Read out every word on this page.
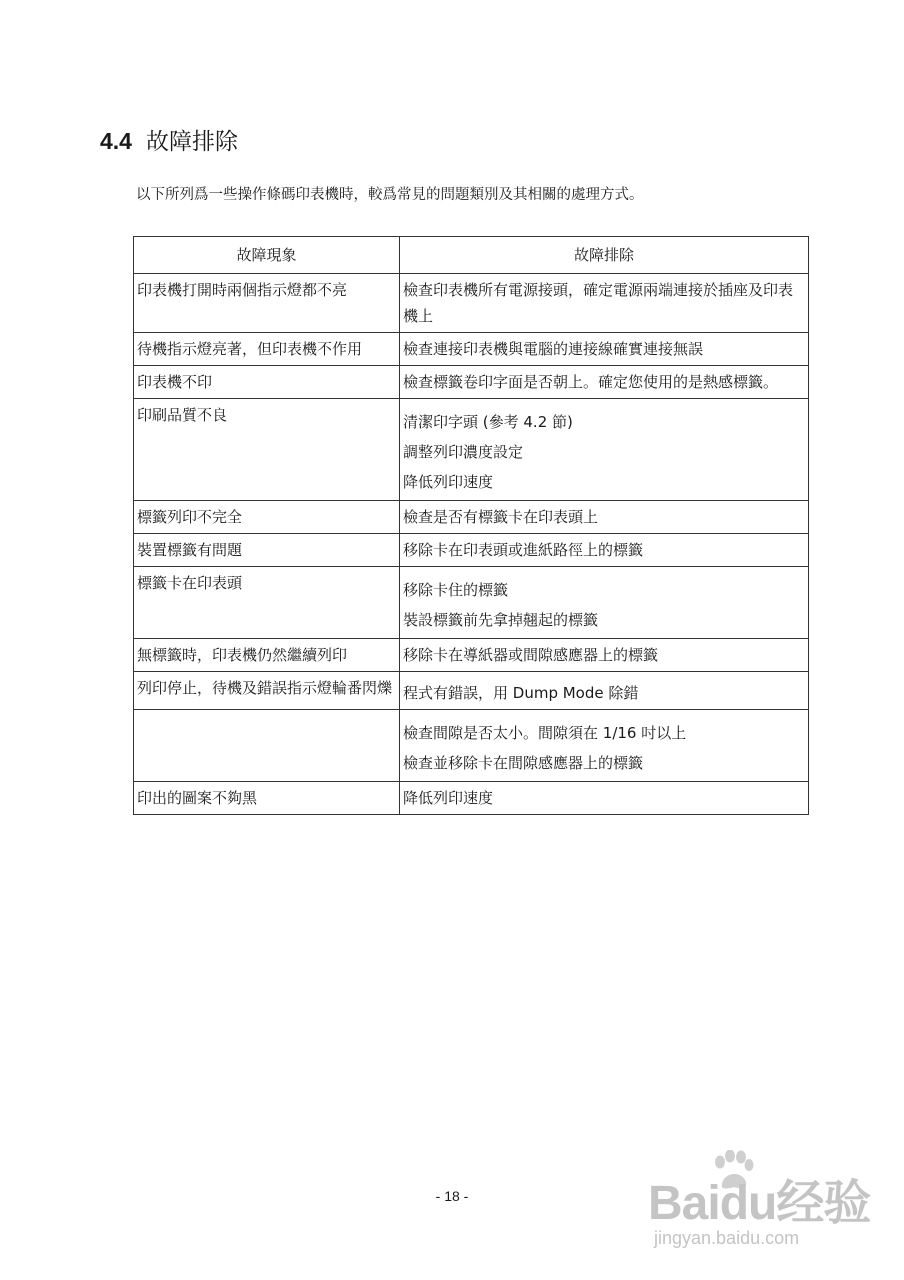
4.4 故障排除
以下所列爲一些操作條碼印表機時，較爲常見的問題類別及其相關的處理方式。
故障現象	故障排除
印表機打開時兩個指示燈都不亮	檢查印表機所有電源接頭，確定電源兩端連接於插座及印表機上
待機指示燈亮著，但印表機不作用	檢查連接印表機與電腦的連接線確實連接無誤
印表機不印	檢查標籤卷印字面是否朝上。確定您使用的是熱感標籤。
印刷品質不良	清潔印字頭 (參考 4.2 節)
調整列印濃度設定
降低列印速度

標籤列印不完全	檢查是否有標籤卡在印表頭上
裝置標籤有問題	移除卡在印表頭或進紙路徑上的標籤
標籤卡在印表頭	移除卡住的標籤
裝設標籤前先拿掉翹起的標籤

無標籤時，印表機仍然繼續列印	移除卡在導紙器或間隙感應器上的標籤
列印停止，待機及錯誤指示燈輪番閃爍	程式有錯誤，用 Dump Mode 除錯

	檢查間隙是否太小。間隙須在 1/16 吋以上
檢查並移除卡在間隙感應器上的標籤

印出的圖案不夠黑	降低列印速度
- 18 -	Baidu经验
jingyan.baidu.com
